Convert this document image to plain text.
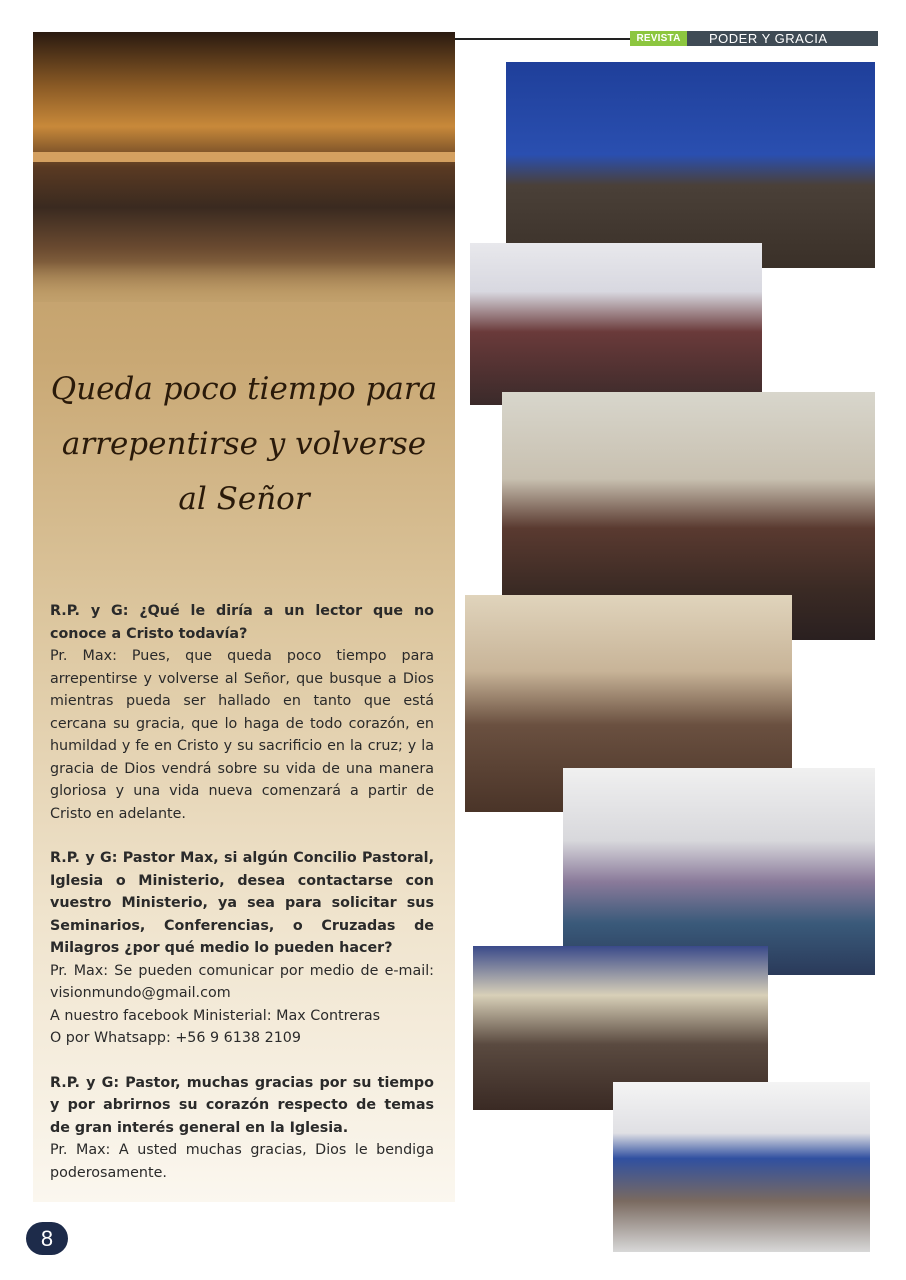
REVISTA	PODER Y GRACIA
Queda poco tiempo para
arrepentirse y volverse
al Señor

R.P. y G: ¿Qué le diría a un lector que no conoce a Cristo todavía?

Pr. Max: Pues, que queda poco tiempo para arrepentirse y volverse al Señor, que busque a Dios mientras pueda ser hallado en tanto que está cercana su gracia, que lo haga de todo corazón, en humildad y fe en Cristo y su sacrificio en la cruz; y la gracia de Dios vendrá sobre su vida de una manera gloriosa y una vida nueva comenzará a partir de Cristo en adelante.

R.P. y G: Pastor Max, si algún Concilio Pastoral, Iglesia o Ministerio, desea contactarse con vuestro Ministerio, ya sea para solicitar sus Seminarios, Conferencias, o Cruzadas de Milagros ¿por qué medio lo pueden hacer?

Pr. Max: Se pueden comunicar por medio de e-mail: visionmundo@gmail.com

A nuestro facebook Ministerial: Max Contreras

O por Whatsapp: +56 9 6138 2109

R.P. y G: Pastor, muchas gracias por su tiempo y por abrirnos su corazón respecto de temas de gran interés general en la Iglesia.

Pr. Max: A usted muchas gracias, Dios le bendiga poderosamente.

8
